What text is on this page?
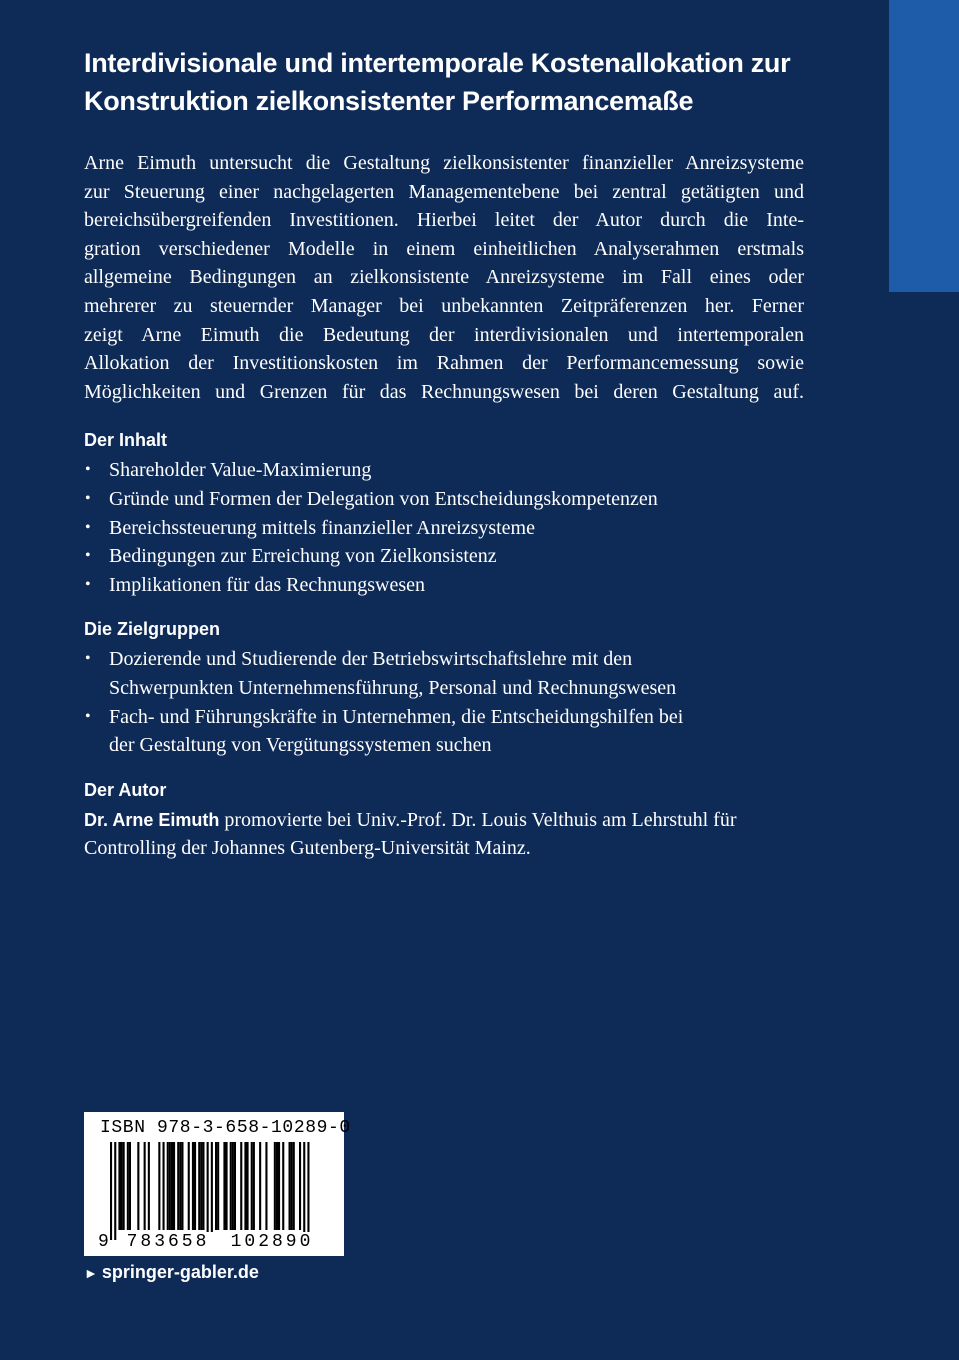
Interdivisionale und intertemporale Kostenallokation zur
Konstruktion zielkonsistenter Performancemaße

Arne Eimuth untersucht die Gestaltung zielkonsistenter finanzieller Anreizsysteme
zur Steuerung einer nachgelagerten Managementebene bei zentral getätigten und
bereichsübergreifenden Investitionen. Hierbei leitet der Autor durch die Inte-
gration verschiedener Modelle in einem einheitlichen Analyserahmen erstmals
allgemeine Bedingungen an zielkonsistente Anreizsysteme im Fall eines oder
mehrerer zu steuernder Manager bei unbekannten Zeitpräferenzen her. Ferner
zeigt Arne Eimuth die Bedeutung der interdivisionalen und intertemporalen
Allokation der Investitionskosten im Rahmen der Performancemessung sowie
Möglichkeiten und Grenzen für das Rechnungswesen bei deren Gestaltung auf.

Der Inhalt
• Shareholder Value-Maximierung
• Gründe und Formen der Delegation von Entscheidungskompetenzen
• Bereichssteuerung mittels finanzieller Anreizsysteme
• Bedingungen zur Erreichung von Zielkonsistenz
• Implikationen für das Rechnungswesen
Die Zielgruppen
• Dozierende und Studierende der Betriebswirtschaftslehre mit den
Schwerpunkten Unternehmensführung, Personal und Rechnungswesen
• Fach- und Führungskräfte in Unternehmen, die Entscheidungshilfen bei
der Gestaltung von Vergütungssystemen suchen
Der Autor

Dr. Arne Eimuth promovierte bei Univ.-Prof. Dr. Louis Velthuis am Lehrstuhl für
Controlling der Johannes Gutenberg-Universität Mainz.

ISBN 978-3-658-10289-0
9 783658	102890
► springer-gabler.de
